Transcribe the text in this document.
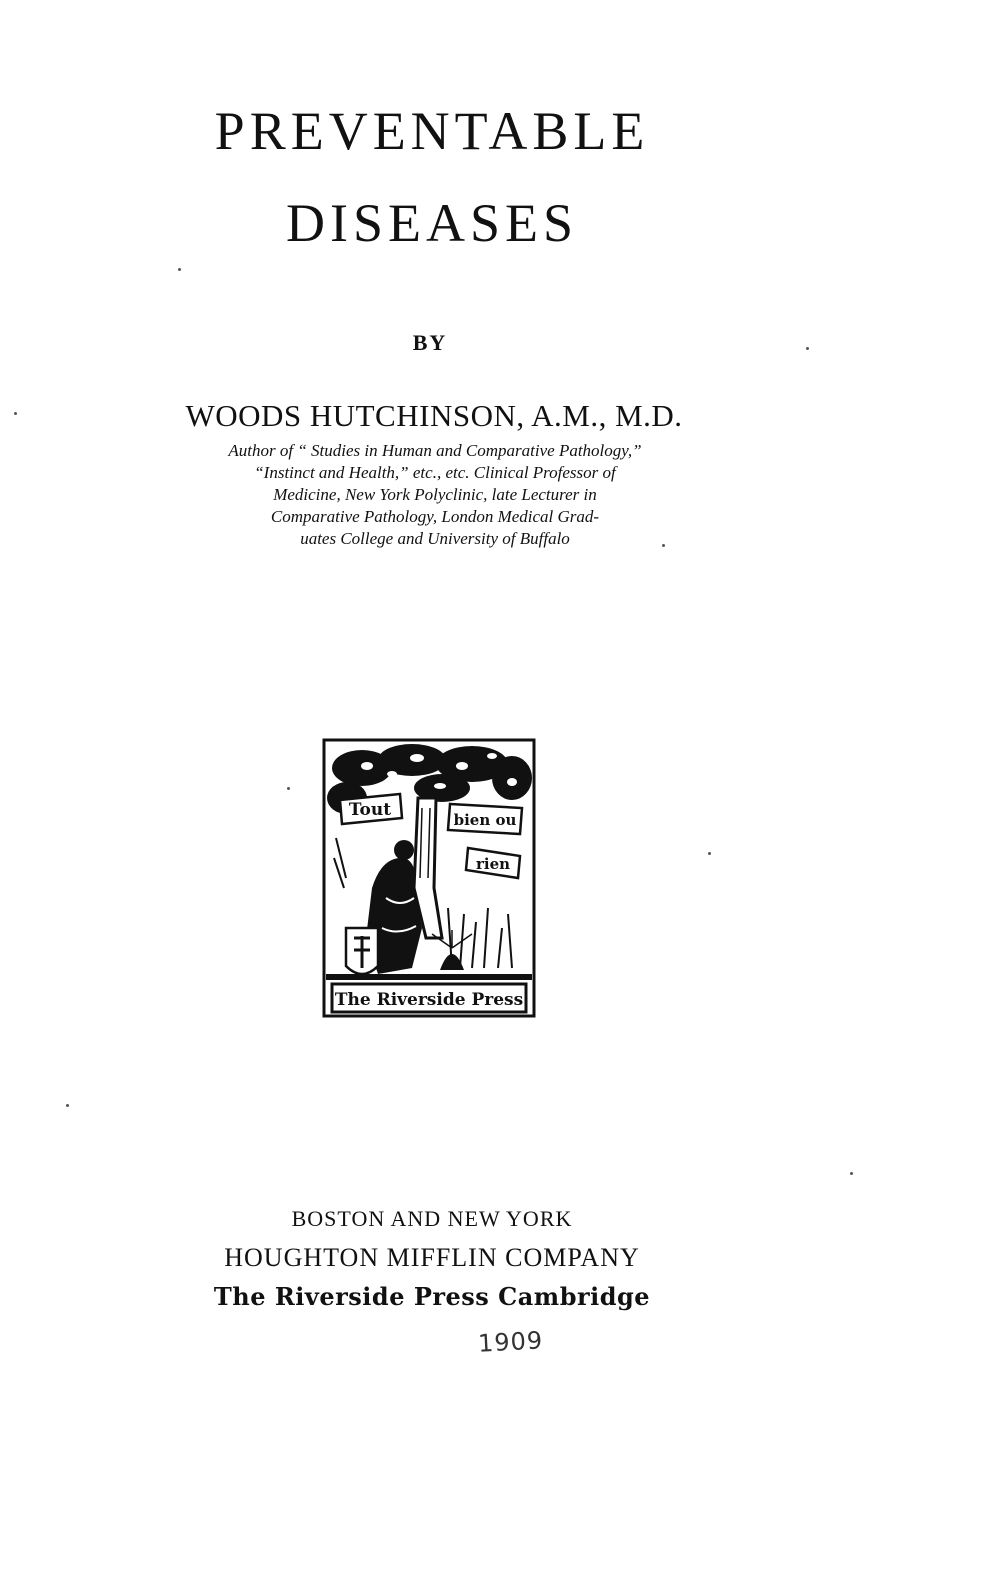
PREVENTABLE
DISEASES
BY
WOODS HUTCHINSON, A.M., M.D.
Author of “ Studies in Human and Comparative Pathology,”
“Instinct and Health,” etc., etc. Clinical Professor of
Medicine, New York Polyclinic, late Lecturer in
Comparative Pathology, London Medical Grad-
uates College and University of Buffalo
Tout	bien ou
rien
The Riverside Press
BOSTON AND NEW YORK
HOUGHTON MIFFLIN COMPANY
The Riverside Press Cambridge
1909
